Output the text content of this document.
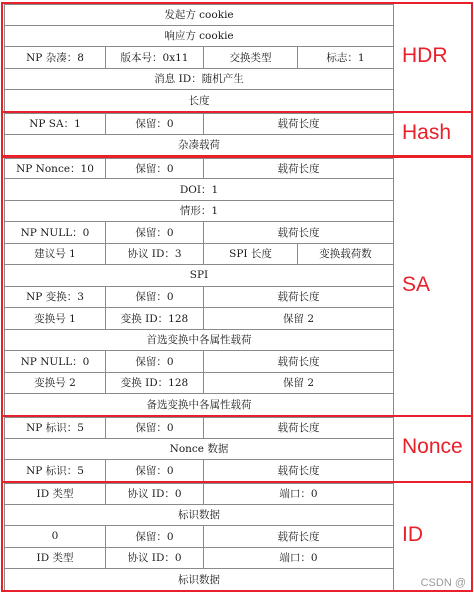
发起方 cookie
响应方 cookie
NP 杂凑：8	版本号：0x11	交换类型	标志：1
消息 ID：随机产生
长度
NP SA：1	保留：0	载荷长度
杂凑载荷
NP Nonce：10	保留：0	载荷长度
DOI：1
情形：1
NP NULL：0	保留：0	载荷长度
建议号 1	协议 ID：3	SPI 长度	变换载荷数
SPI
NP 变换：3	保留：0	载荷长度
变换号 1	变换 ID：128	保留 2
首选变换中各属性载荷
NP NULL：0	保留：0	载荷长度
变换号 2	变换 ID：128	保留 2
备选变换中各属性载荷
NP 标识：5	保留：0	载荷长度
Nonce 数据
NP 标识：5	保留：0	载荷长度
ID 类型	协议 ID：0	端口：0
标识数据
0	保留：0	载荷长度
ID 类型	协议 ID：0	端口：0
标识数据
HDR
Hash
SA
Nonce
ID
CSDN @
